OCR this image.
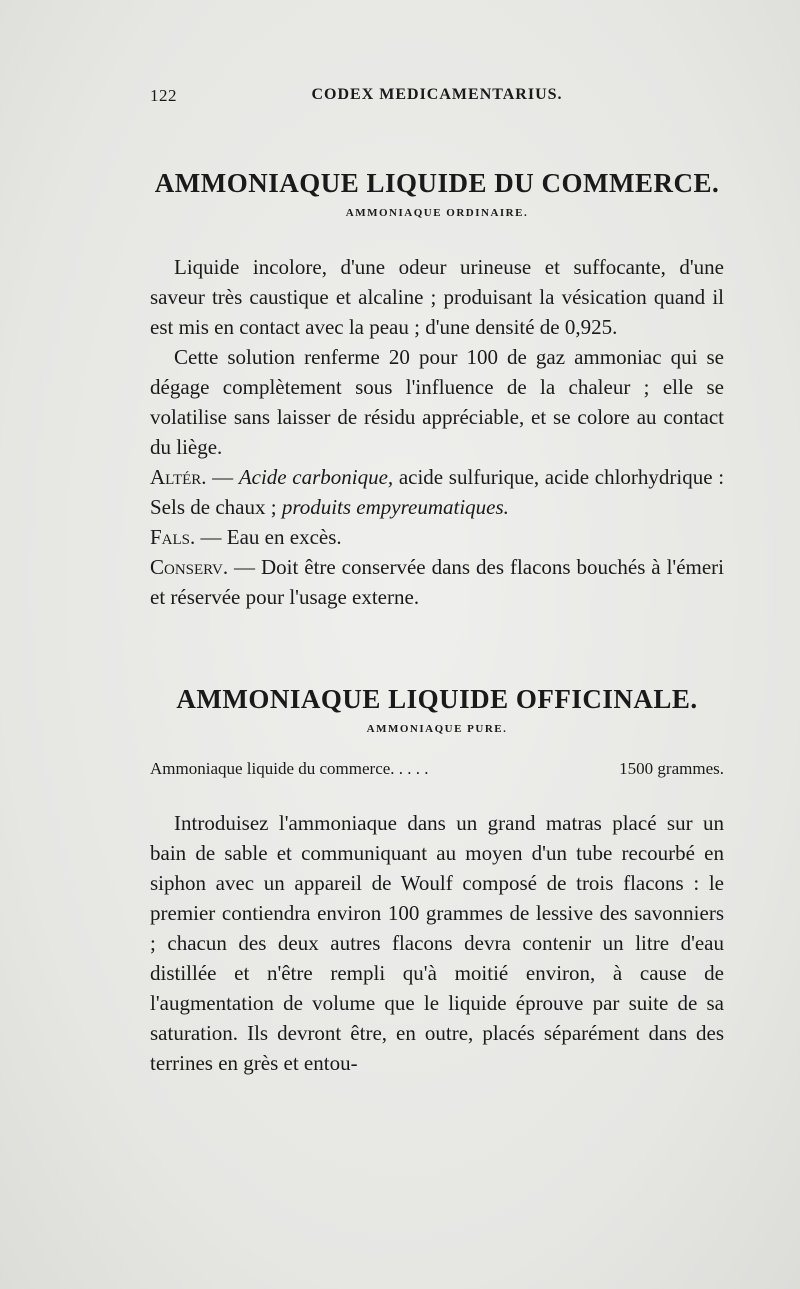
122	CODEX MEDICAMENTARIUS.
AMMONIAQUE LIQUIDE DU COMMERCE.
AMMONIAQUE ORDINAIRE.

Liquide incolore, d'une odeur urineuse et suffocante, d'une saveur très caustique et alcaline ; produisant la vésication quand il est mis en contact avec la peau ; d'une densité de 0,925.

Cette solution renferme 20 pour 100 de gaz ammoniac qui se dégage complètement sous l'influence de la chaleur ; elle se volatilise sans laisser de résidu appréciable, et se colore au contact du liège.

Altér. — Acide carbonique, acide sulfurique, acide chlorhydrique : Sels de chaux ; produits empyreumatiques.

Fals. — Eau en excès.

Conserv. — Doit être conservée dans des flacons bouchés à l'émeri et réservée pour l'usage externe.

AMMONIAQUE LIQUIDE OFFICINALE.
AMMONIAQUE PURE.
Ammoniaque liquide du commerce. . . . .	1500 grammes.

Introduisez l'ammoniaque dans un grand matras placé sur un bain de sable et communiquant au moyen d'un tube recourbé en siphon avec un appareil de Woulf composé de trois flacons : le premier contiendra environ 100 grammes de lessive des savonniers ; chacun des deux autres flacons devra contenir un litre d'eau distillée et n'être rempli qu'à moitié environ, à cause de l'augmentation de volume que le liquide éprouve par suite de sa saturation. Ils devront être, en outre, placés séparément dans des terrines en grès et entou-
